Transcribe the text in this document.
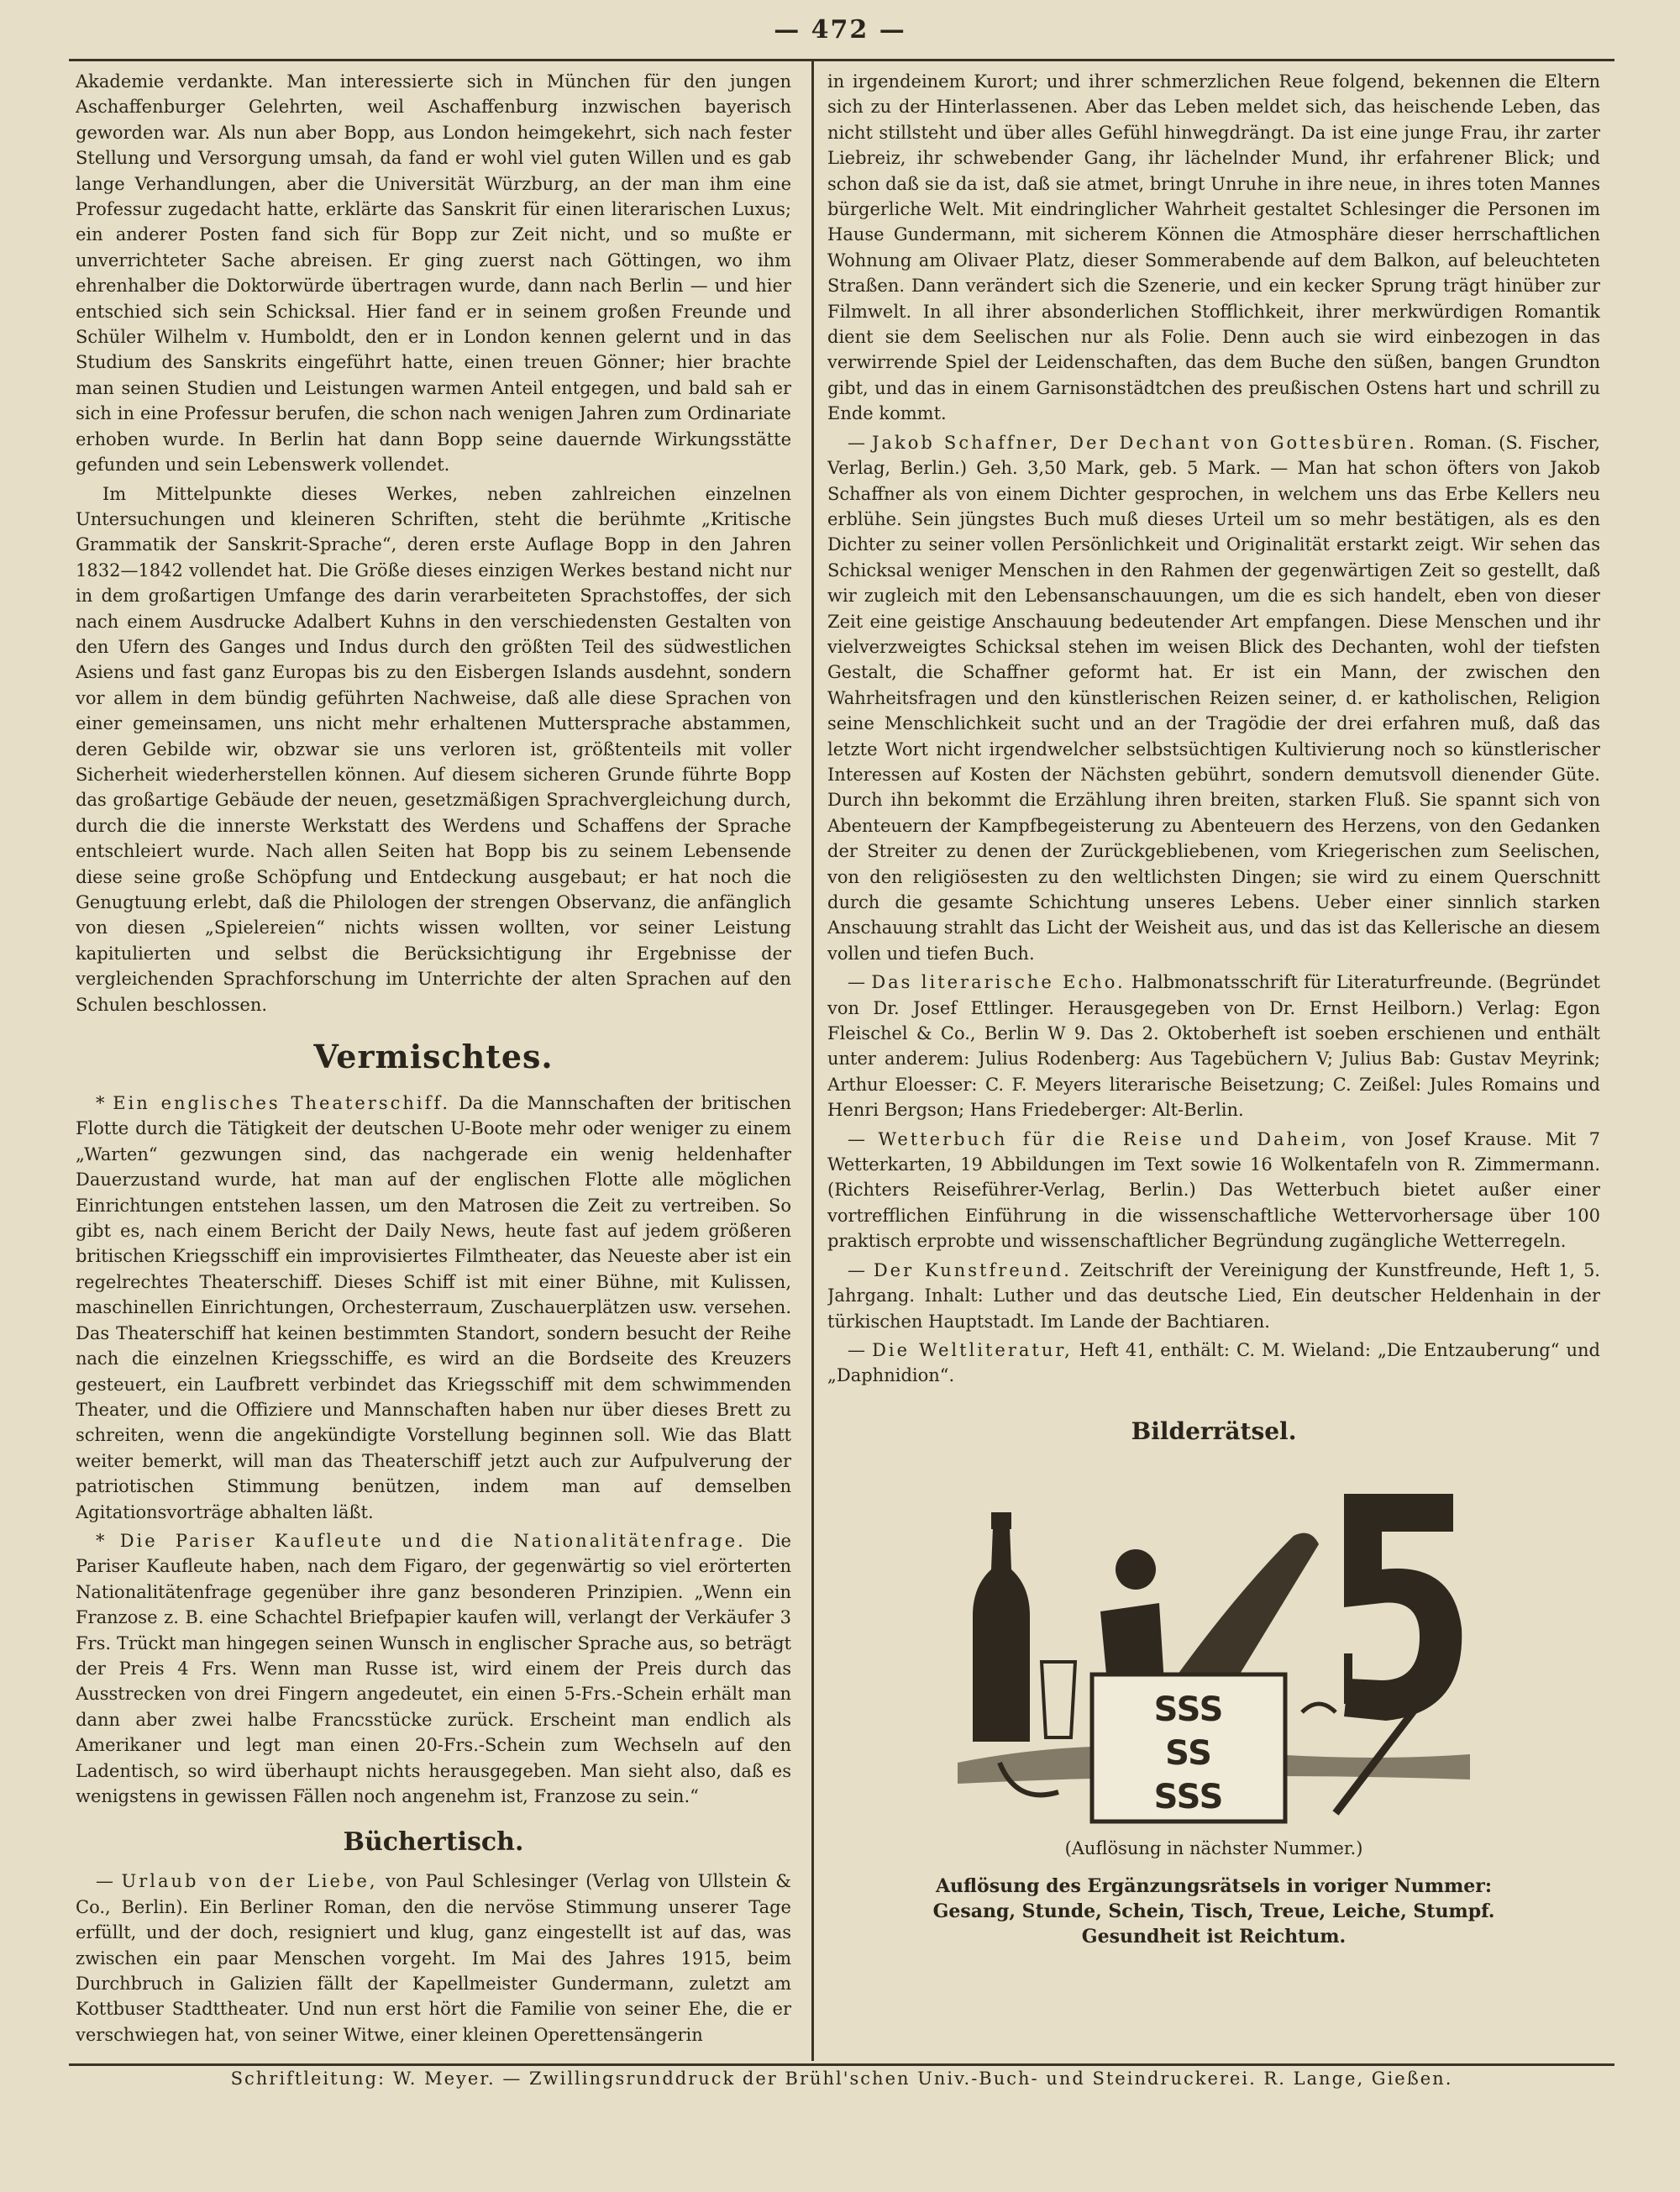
— 472 —

Akademie verdankte. Man interessierte sich in München für den jungen Aschaffenburger Gelehrten, weil Aschaffenburg inzwischen bayerisch geworden war. Als nun aber Bopp, aus London heimgekehrt, sich nach fester Stellung und Versorgung umsah, da fand er wohl viel guten Willen und es gab lange Verhandlungen, aber die Universität Würzburg, an der man ihm eine Professur zugedacht hatte, erklärte das Sanskrit für einen literarischen Luxus; ein anderer Posten fand sich für Bopp zur Zeit nicht, und so mußte er unverrichteter Sache abreisen. Er ging zuerst nach Göttingen, wo ihm ehrenhalber die Doktorwürde übertragen wurde, dann nach Berlin — und hier entschied sich sein Schicksal. Hier fand er in seinem großen Freunde und Schüler Wilhelm v. Humboldt, den er in London kennen gelernt und in das Studium des Sanskrits eingeführt hatte, einen treuen Gönner; hier brachte man seinen Studien und Leistungen warmen Anteil entgegen, und bald sah er sich in eine Professur berufen, die schon nach wenigen Jahren zum Ordinariate erhoben wurde. In Berlin hat dann Bopp seine dauernde Wirkungsstätte gefunden und sein Lebenswerk vollendet.

Im Mittelpunkte dieses Werkes, neben zahlreichen einzelnen Untersuchungen und kleineren Schriften, steht die berühmte „Kritische Grammatik der Sanskrit-Sprache“, deren erste Auflage Bopp in den Jahren 1832—1842 vollendet hat. Die Größe dieses einzigen Werkes bestand nicht nur in dem großartigen Umfange des darin verarbeiteten Sprachstoffes, der sich nach einem Ausdrucke Adalbert Kuhns in den verschiedensten Gestalten von den Ufern des Ganges und Indus durch den größten Teil des südwestlichen Asiens und fast ganz Europas bis zu den Eisbergen Islands ausdehnt, sondern vor allem in dem bündig geführten Nachweise, daß alle diese Sprachen von einer gemeinsamen, uns nicht mehr erhaltenen Muttersprache abstammen, deren Gebilde wir, obzwar sie uns verloren ist, größtenteils mit voller Sicherheit wiederherstellen können. Auf diesem sicheren Grunde führte Bopp das großartige Gebäude der neuen, gesetzmäßigen Sprachvergleichung durch, durch die die innerste Werkstatt des Werdens und Schaffens der Sprache entschleiert wurde. Nach allen Seiten hat Bopp bis zu seinem Lebensende diese seine große Schöpfung und Entdeckung ausgebaut; er hat noch die Genugtuung erlebt, daß die Philologen der strengen Observanz, die anfänglich von diesen „Spielereien“ nichts wissen wollten, vor seiner Leistung kapitulierten und selbst die Berücksichtigung ihr Ergebnisse der vergleichenden Sprachforschung im Unterrichte der alten Sprachen auf den Schulen beschlossen.

Vermischtes.

* Ein englisches Theaterschiff. Da die Mannschaften der britischen Flotte durch die Tätigkeit der deutschen U-Boote mehr oder weniger zu einem „Warten“ gezwungen sind, das nachgerade ein wenig heldenhafter Dauerzustand wurde, hat man auf der englischen Flotte alle möglichen Einrichtungen entstehen lassen, um den Matrosen die Zeit zu vertreiben. So gibt es, nach einem Bericht der Daily News, heute fast auf jedem größeren britischen Kriegsschiff ein improvisiertes Filmtheater, das Neueste aber ist ein regelrechtes Theaterschiff. Dieses Schiff ist mit einer Bühne, mit Kulissen, maschinellen Einrichtungen, Orchesterraum, Zuschauerplätzen usw. versehen. Das Theaterschiff hat keinen bestimmten Standort, sondern besucht der Reihe nach die einzelnen Kriegsschiffe, es wird an die Bordseite des Kreuzers gesteuert, ein Laufbrett verbindet das Kriegsschiff mit dem schwimmenden Theater, und die Offiziere und Mannschaften haben nur über dieses Brett zu schreiten, wenn die angekündigte Vorstellung beginnen soll. Wie das Blatt weiter bemerkt, will man das Theaterschiff jetzt auch zur Aufpulverung der patriotischen Stimmung benützen, indem man auf demselben Agitationsvorträge abhalten läßt.

* Die Pariser Kaufleute und die Nationalitätenfrage. Die Pariser Kaufleute haben, nach dem Figaro, der gegenwärtig so viel erörterten Nationalitätenfrage gegenüber ihre ganz besonderen Prinzipien. „Wenn ein Franzose z. B. eine Schachtel Briefpapier kaufen will, verlangt der Verkäufer 3 Frs. Trückt man hingegen seinen Wunsch in englischer Sprache aus, so beträgt der Preis 4 Frs. Wenn man Russe ist, wird einem der Preis durch das Ausstrecken von drei Fingern angedeutet, ein einen 5-Frs.-Schein erhält man dann aber zwei halbe Francsstücke zurück. Erscheint man endlich als Amerikaner und legt man einen 20-Frs.-Schein zum Wechseln auf den Ladentisch, so wird überhaupt nichts herausgegeben. Man sieht also, daß es wenigstens in gewissen Fällen noch angenehm ist, Franzose zu sein.“

Büchertisch.

— Urlaub von der Liebe, von Paul Schlesinger (Verlag von Ullstein & Co., Berlin). Ein Berliner Roman, den die nervöse Stimmung unserer Tage erfüllt, und der doch, resigniert und klug, ganz eingestellt ist auf das, was zwischen ein paar Menschen vorgeht. Im Mai des Jahres 1915, beim Durchbruch in Galizien fällt der Kapellmeister Gundermann, zuletzt am Kottbuser Stadttheater. Und nun erst hört die Familie von seiner Ehe, die er verschwiegen hat, von seiner Witwe, einer kleinen Operettensängerin

in irgendeinem Kurort; und ihrer schmerzlichen Reue folgend, bekennen die Eltern sich zu der Hinterlassenen. Aber das Leben meldet sich, das heischende Leben, das nicht stillsteht und über alles Gefühl hinwegdrängt. Da ist eine junge Frau, ihr zarter Liebreiz, ihr schwebender Gang, ihr lächelnder Mund, ihr erfahrener Blick; und schon daß sie da ist, daß sie atmet, bringt Unruhe in ihre neue, in ihres toten Mannes bürgerliche Welt. Mit eindringlicher Wahrheit gestaltet Schlesinger die Personen im Hause Gundermann, mit sicherem Können die Atmosphäre dieser herrschaftlichen Wohnung am Olivaer Platz, dieser Sommerabende auf dem Balkon, auf beleuchteten Straßen. Dann verändert sich die Szenerie, und ein kecker Sprung trägt hinüber zur Filmwelt. In all ihrer absonderlichen Stofflichkeit, ihrer merkwürdigen Romantik dient sie dem Seelischen nur als Folie. Denn auch sie wird einbezogen in das verwirrende Spiel der Leidenschaften, das dem Buche den süßen, bangen Grundton gibt, und das in einem Garnisonstädtchen des preußischen Ostens hart und schrill zu Ende kommt.

— Jakob Schaffner, Der Dechant von Gottesbüren. Roman. (S. Fischer, Verlag, Berlin.) Geh. 3,50 Mark, geb. 5 Mark. — Man hat schon öfters von Jakob Schaffner als von einem Dichter gesprochen, in welchem uns das Erbe Kellers neu erblühe. Sein jüngstes Buch muß dieses Urteil um so mehr bestätigen, als es den Dichter zu seiner vollen Persönlichkeit und Originalität erstarkt zeigt. Wir sehen das Schicksal weniger Menschen in den Rahmen der gegenwärtigen Zeit so gestellt, daß wir zugleich mit den Lebensanschauungen, um die es sich handelt, eben von dieser Zeit eine geistige Anschauung bedeutender Art empfangen. Diese Menschen und ihr vielverzweigtes Schicksal stehen im weisen Blick des Dechanten, wohl der tiefsten Gestalt, die Schaffner geformt hat. Er ist ein Mann, der zwischen den Wahrheitsfragen und den künstlerischen Reizen seiner, d. er katholischen, Religion seine Menschlichkeit sucht und an der Tragödie der drei erfahren muß, daß das letzte Wort nicht irgendwelcher selbstsüchtigen Kultivierung noch so künstlerischer Interessen auf Kosten der Nächsten gebührt, sondern demutsvoll dienender Güte. Durch ihn bekommt die Erzählung ihren breiten, starken Fluß. Sie spannt sich von Abenteuern der Kampfbegeisterung zu Abenteuern des Herzens, von den Gedanken der Streiter zu denen der Zurückgebliebenen, vom Kriegerischen zum Seelischen, von den religiösesten zu den weltlichsten Dingen; sie wird zu einem Querschnitt durch die gesamte Schichtung unseres Lebens. Ueber einer sinnlich starken Anschauung strahlt das Licht der Weisheit aus, und das ist das Kellerische an diesem vollen und tiefen Buch.

— Das literarische Echo. Halbmonatsschrift für Literaturfreunde. (Begründet von Dr. Josef Ettlinger. Herausgegeben von Dr. Ernst Heilborn.) Verlag: Egon Fleischel & Co., Berlin W 9. Das 2. Oktoberheft ist soeben erschienen und enthält unter anderem: Julius Rodenberg: Aus Tagebüchern V; Julius Bab: Gustav Meyrink; Arthur Eloesser: C. F. Meyers literarische Beisetzung; C. Zeißel: Jules Romains und Henri Bergson; Hans Friedeberger: Alt-Berlin.

— Wetterbuch für die Reise und Daheim, von Josef Krause. Mit 7 Wetterkarten, 19 Abbildungen im Text sowie 16 Wolkentafeln von R. Zimmermann. (Richters Reiseführer-Verlag, Berlin.) Das Wetterbuch bietet außer einer vortrefflichen Einführung in die wissenschaftliche Wettervorhersage über 100 praktisch erprobte und wissenschaftlicher Begründung zugängliche Wetterregeln.

— Der Kunstfreund. Zeitschrift der Vereinigung der Kunstfreunde, Heft 1, 5. Jahrgang. Inhalt: Luther und das deutsche Lied, Ein deutscher Heldenhain in der türkischen Hauptstadt. Im Lande der Bachtiaren.

— Die Weltliteratur, Heft 41, enthält: C. M. Wieland: „Die Entzauberung“ und „Daphnidion“.

Bilderrätsel.
SSS
SS
SSS
(Auflösung in nächster Nummer.)
Auflösung des Ergänzungsrätsels in voriger Nummer:
Gesang, Stunde, Schein, Tisch, Treue, Leiche, Stumpf.
Gesundheit ist Reichtum.
Schriftleitung: W. Meyer. — Zwillingsrunddruck der Brühl'schen Univ.-Buch- und Steindruckerei. R. Lange, Gießen.
